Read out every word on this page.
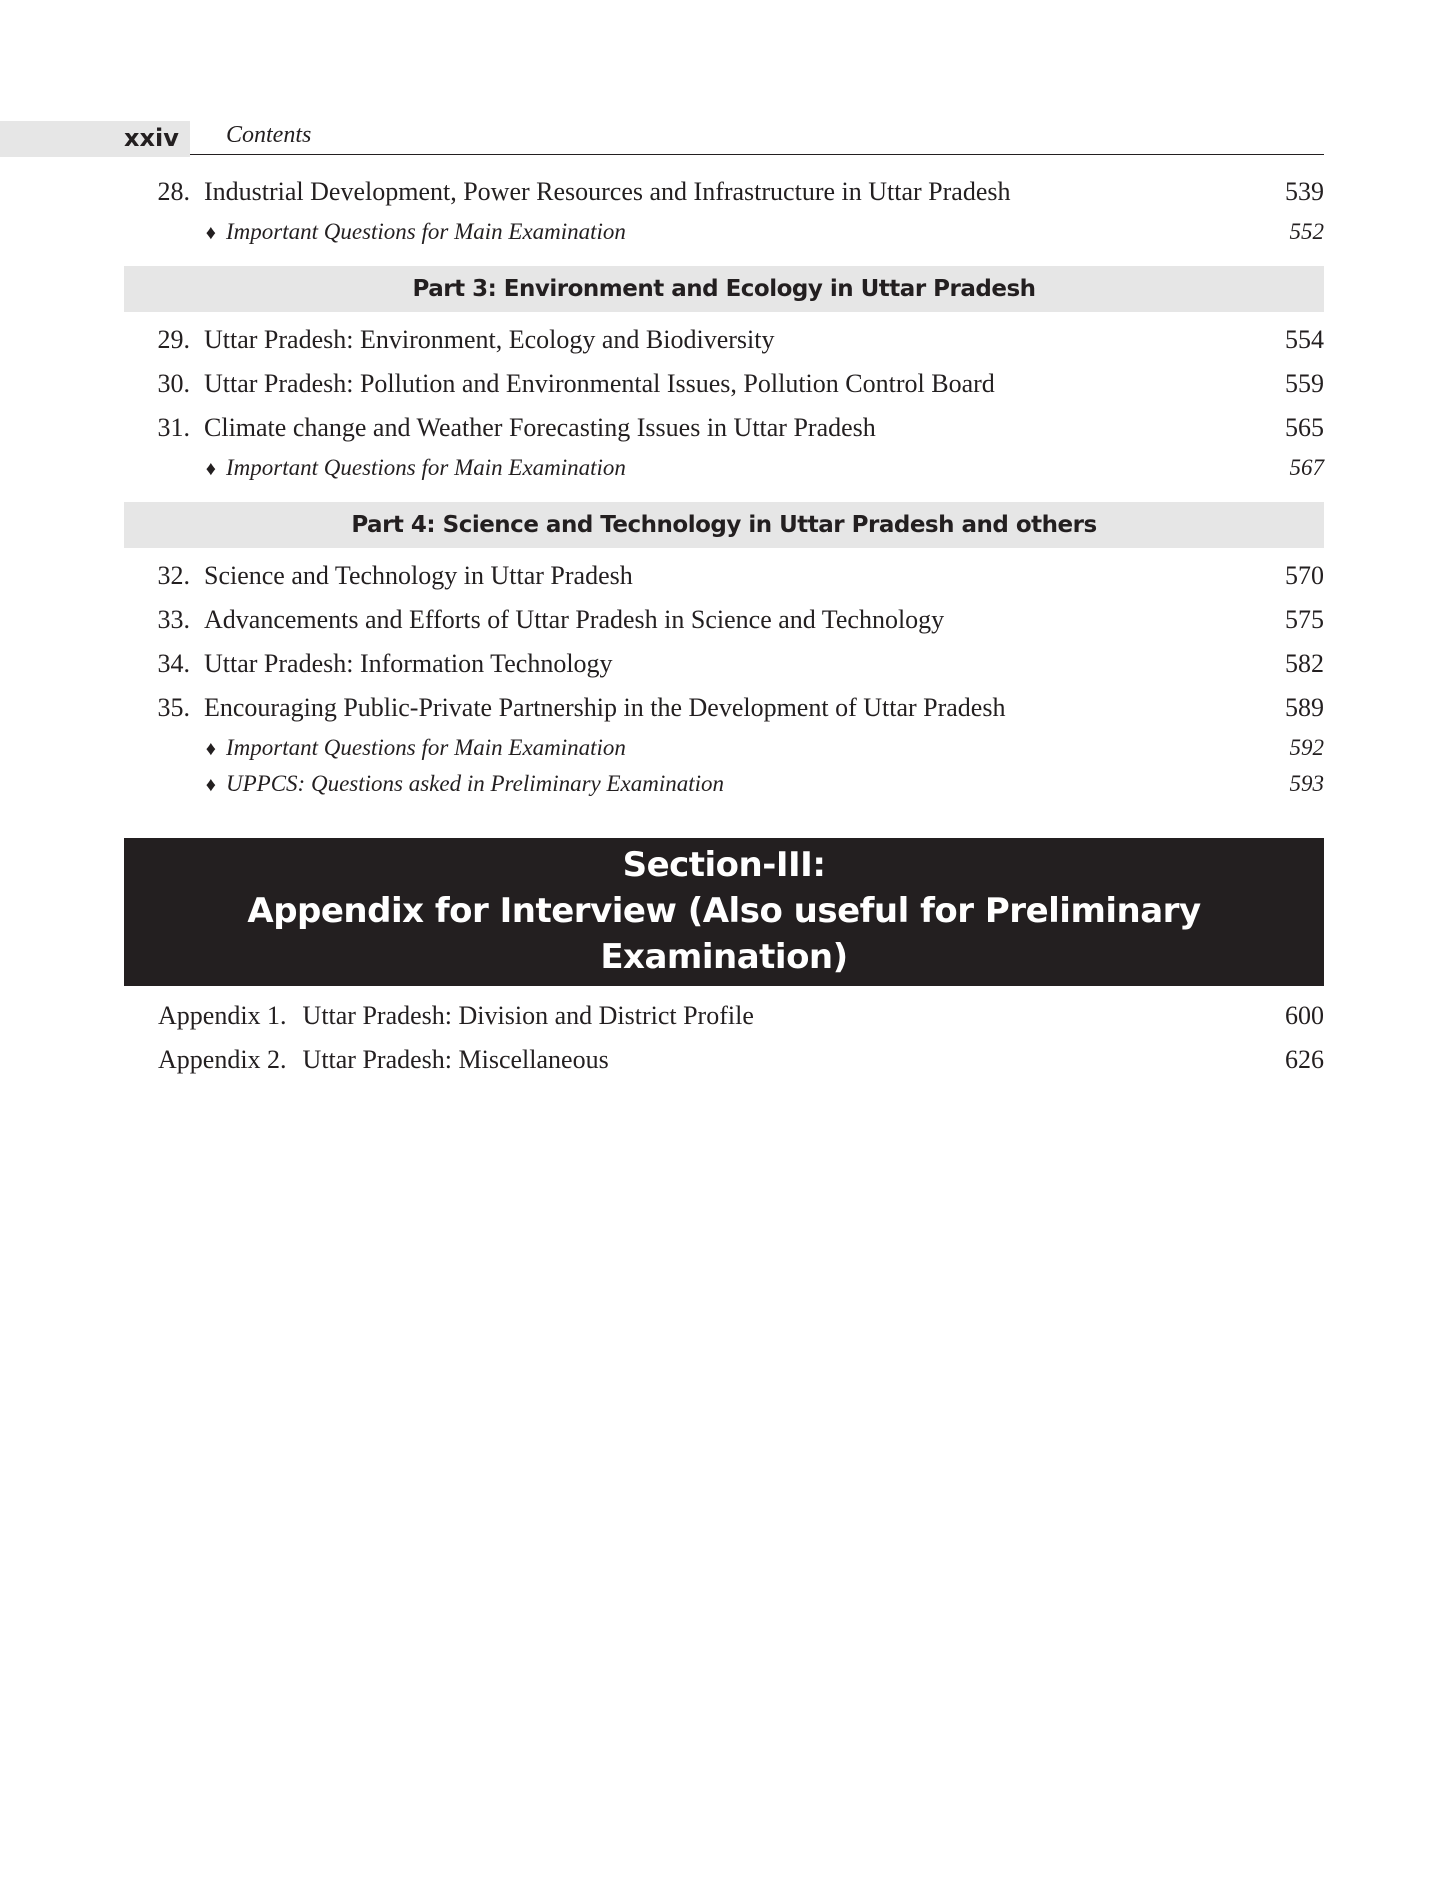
xxiv Contents
28. Industrial Development, Power Resources and Infrastructure in Uttar Pradesh	539
♦ Important Questions for Main Examination	552
Part 3: Environment and Ecology in Uttar Pradesh
29. Uttar Pradesh: Environment, Ecology and Biodiversity	554
30. Uttar Pradesh: Pollution and Environmental Issues, Pollution Control Board	559
31. Climate change and Weather Forecasting Issues in Uttar Pradesh	565
♦ Important Questions for Main Examination	567
Part 4: Science and Technology in Uttar Pradesh and others
32. Science and Technology in Uttar Pradesh	570
33. Advancements and Efforts of Uttar Pradesh in Science and Technology	575
34. Uttar Pradesh: Information Technology	582
35. Encouraging Public-Private Partnership in the Development of Uttar Pradesh	589
♦ Important Questions for Main Examination	592
♦ UPPCS: Questions asked in Preliminary Examination	593
Section-III:
Appendix for Interview (Also useful for Preliminary Examination)
Appendix 1. Uttar Pradesh: Division and District Profile	600
Appendix 2. Uttar Pradesh: Miscellaneous	626
